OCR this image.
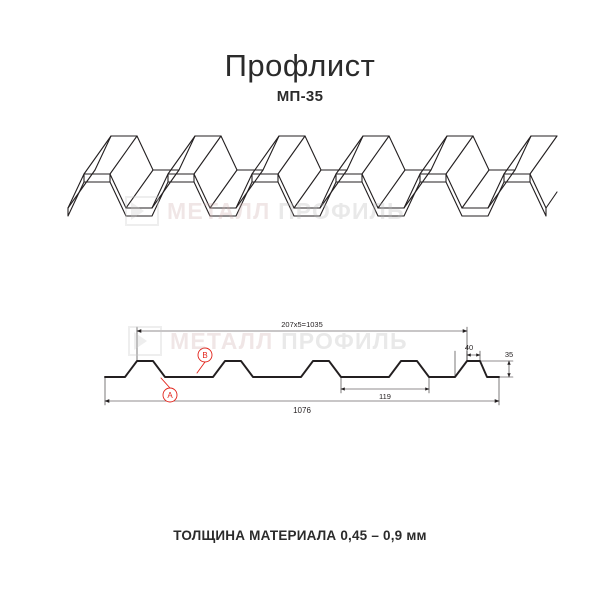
Профлист
МП-35
МЕТАЛЛ ПРОФИЛЬ
207х5=1035
40
119
1076
35
B
A
МЕТАЛЛ ПРОФИЛЬ
ТОЛЩИНА МАТЕРИАЛА 0,45 – 0,9 мм
